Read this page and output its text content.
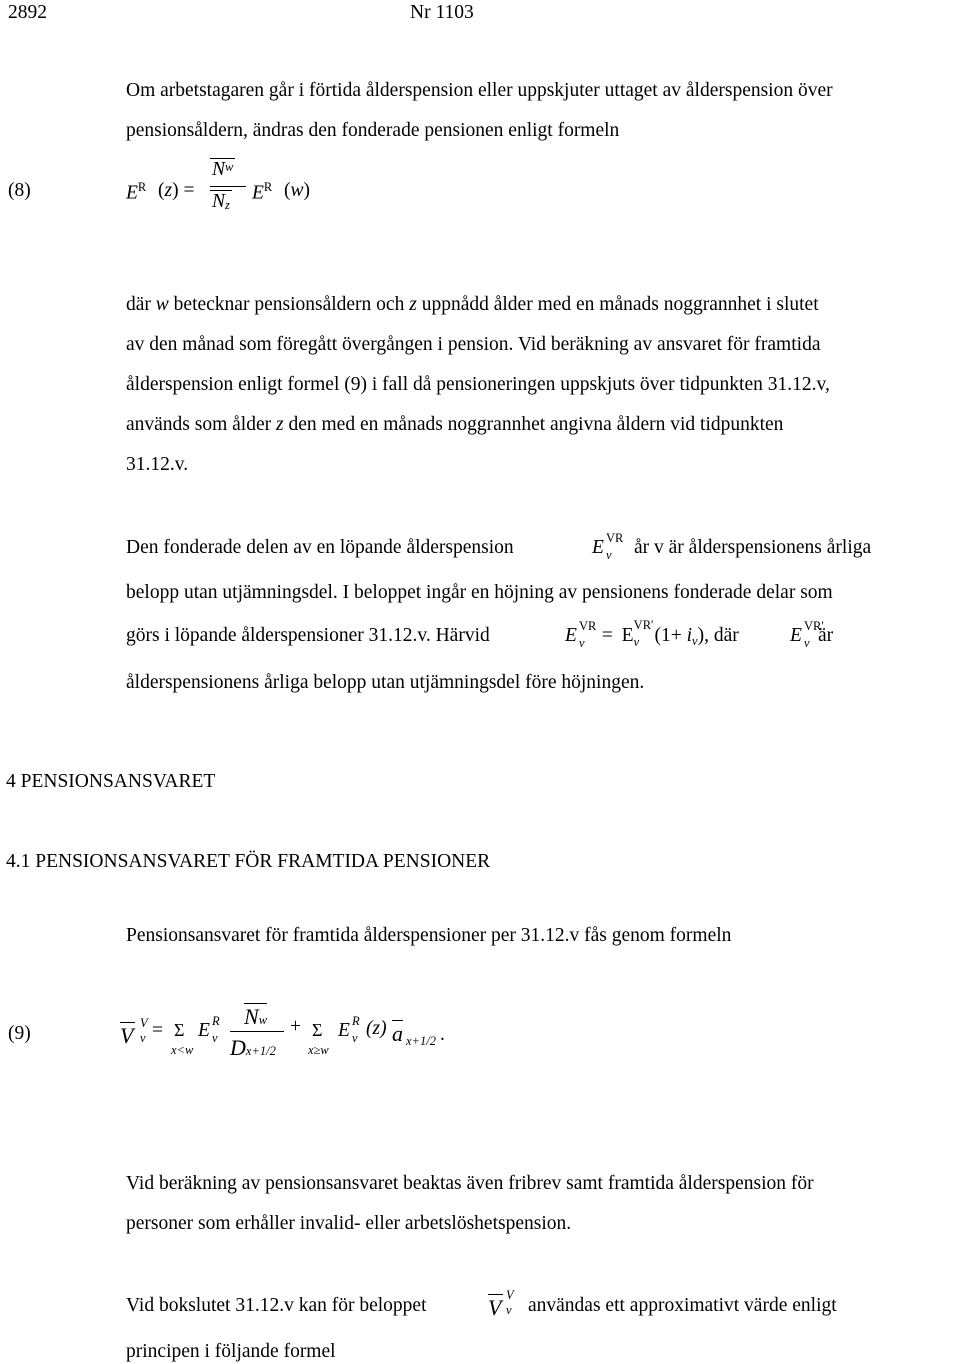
2892	Nr 1103
Om arbetstagaren går i förtida ålderspension eller uppskjuter uttaget av ålderspension över
pensionsåldern, ändras den fonderade pensionen enligt formeln
(8)	$E^R$ (z) =
$N^w$
Nz
$E^R$ (w)
där w betecknar pensionsåldern och z uppnådd ålder med en månads noggrannhet i slutet
av den månad som föregått övergången i pension. Vid beräkning av ansvaret för framtida
ålderspension enligt formel (9) i fall då pensioneringen uppskjuts över tidpunkten 31.12.v,
används som ålder z den med en månads noggrannhet angivna åldern vid tidpunkten
31.12.v.
Den fonderade delen av en löpande ålderspension	E VR
v år v är ålderspensionens årliga
belopp utan utjämningsdel. I beloppet ingår en höjning av pensionens fonderade delar som
görs i löpande ålderspensioner 31.12.v. Härvid	E VR
v = E VR'
v $(1+ i_v)$, där	E VR'
v är
ålderspensionens årliga belopp utan utjämningsdel före höjningen.
4 PENSIONSANSVARET
4.1 PENSIONSANSVARET FÖR FRAMTIDA PENSIONER
Pensionsansvaret för framtida ålderspensioner per 31.12.v fås genom formeln
(9)	V V
v = Σ
x<w
E R
v
Nw
Dx+1/2
+ Σ
x≥w
E R
v (z) a x+1/2 .
Vid beräkning av pensionsansvaret beaktas även fribrev samt framtida ålderspension för
personer som erhåller invalid- eller arbetslöshetspension.
Vid bokslutet 31.12.v kan för beloppet	V V
v användas ett approximativt värde enligt
principen i följande formel
